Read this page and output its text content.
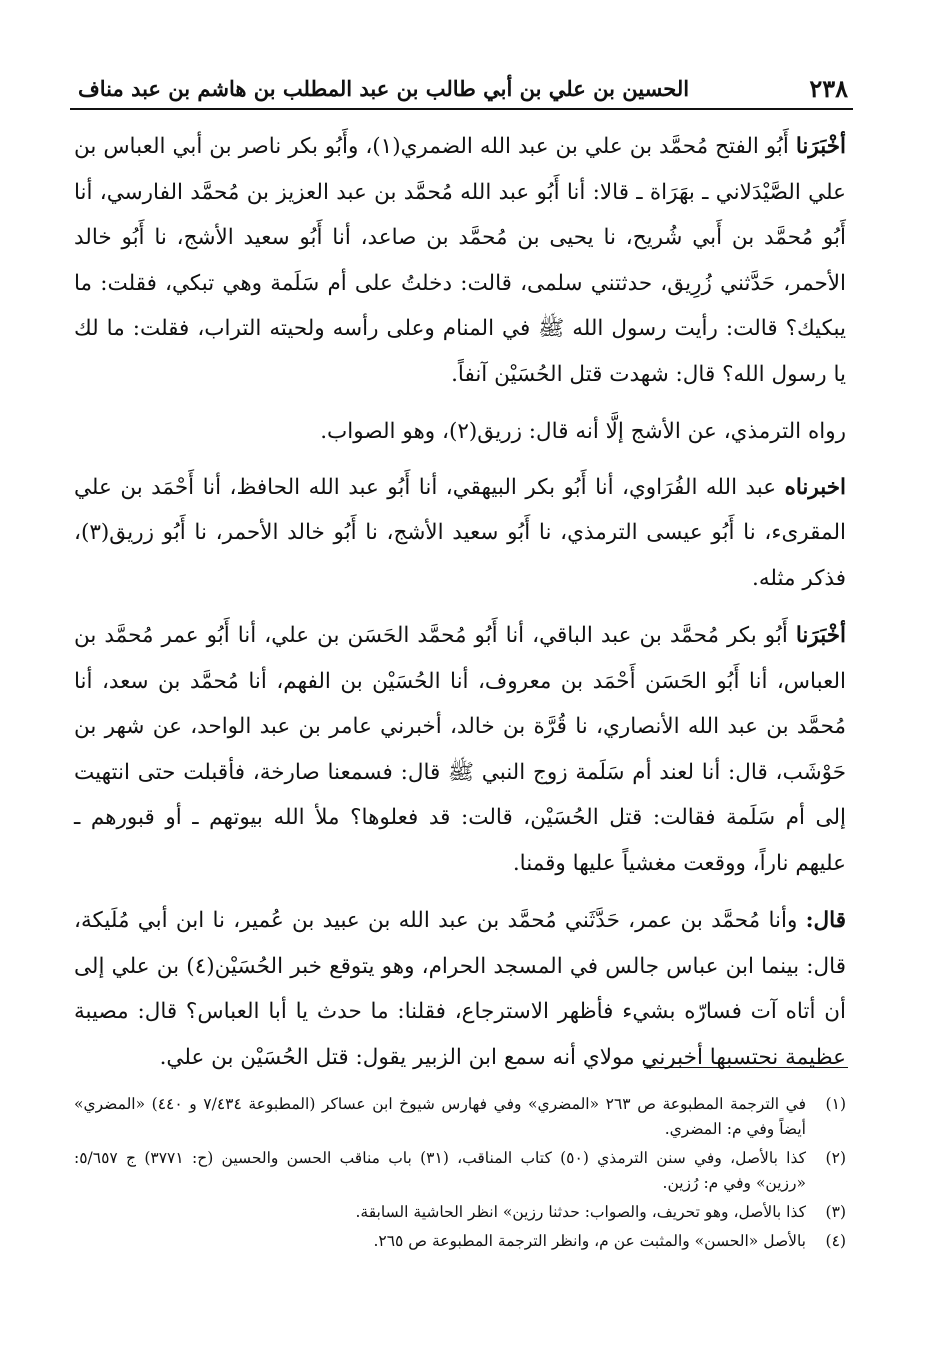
٢٣٨
الحسين بن علي بن أبي طالب بن عبد المطلب بن هاشم بن عبد مناف

أخْبَرَنا أَبُو الفتح مُحمَّد بن علي بن عبد الله الضمري(١)، وأَبُو بكر ناصر بن أبي العباس بن علي الصَّيْدَلاني ـ بهَرَاة ـ قالا: أنا أَبُو عبد الله مُحمَّد بن عبد العزيز بن مُحمَّد الفارسي، أنا أَبُو مُحمَّد بن أَبي شُريح، نا يحيى بن مُحمَّد بن صاعد، أنا أَبُو سعيد الأشج، نا أَبُو خالد الأحمر، حَدَّثني زُرِيق، حدثتني سلمى، قالت: دخلتُ على أم سَلَمة وهي تبكي، فقلت: ما يبكيك؟ قالت: رأيت رسول الله ﷺ في المنام وعلى رأسه ولحيته التراب، فقلت: ما لك يا رسول الله؟ قال: شهدت قتل الحُسَيْن آنفاً.

رواه الترمذي، عن الأشج إلَّا أنه قال: زريق(٢)، وهو الصواب.

اخبرناه عبد الله الفُرَاوي، أنا أَبُو بكر البيهقي، أنا أَبُو عبد الله الحافظ، أنا أَحْمَد بن علي المقرىء، نا أَبُو عيسى الترمذي، نا أَبُو سعيد الأشج، نا أَبُو خالد الأحمر، نا أَبُو زريق(٣)، فذكر مثله.

أخْبَرَنا أَبُو بكر مُحمَّد بن عبد الباقي، أنا أَبُو مُحمَّد الحَسَن بن علي، أنا أَبُو عمر مُحمَّد بن العباس، أنا أَبُو الحَسَن أَحْمَد بن معروف، أنا الحُسَيْن بن الفهم، أنا مُحمَّد بن سعد، أنا مُحمَّد بن عبد الله الأنصاري، نا قُرَّة بن خالد، أخبرني عامر بن عبد الواحد، عن شهر بن حَوْشَب، قال: أنا لعند أم سَلَمة زوج النبي ﷺ قال: فسمعنا صارخة، فأقبلت حتى انتهيت إلى أم سَلَمة فقالت: قتل الحُسَيْن، قالت: قد فعلوها؟ ملأ الله بيوتهم ـ أو قبورهم ـ عليهم ناراً، ووقعت مغشياً عليها وقمنا.

قال: وأنا مُحمَّد بن عمر، حَدَّثَني مُحمَّد بن عبد الله بن عبيد بن عُمير، نا ابن أبي مُلَيكة، قال: بينما ابن عباس جالس في المسجد الحرام، وهو يتوقع خبر الحُسَيْن(٤) بن علي إلى أن أتاه آت فسارّه بشيء فأظهر الاسترجاع، فقلنا: ما حدث يا أبا العباس؟ قال: مصيبة عظيمة نحتسبها أخبرني مولاي أنه سمع ابن الزبير يقول: قتل الحُسَيْن بن علي.

(١)
في الترجمة المطبوعة ص ٢٦٣ «المضري» وفي فهارس شيوخ ابن عساكر (المطبوعة ٧/٤٣٤ و ٤٤٠) «المضري» أيضاً وفي م: المضري.
(٢)
كذا بالأصل، وفي سنن الترمذي (٥٠) كتاب المناقب، (٣١) باب مناقب الحسن والحسين (ح: ٣٧٧١) ج ٥/٦٥٧: «رزين» وفي م: رُزين.
(٣)
كذا بالأصل، وهو تحريف، والصواب: حدثنا رزين» انظر الحاشية السابقة.
(٤)
بالأصل «الحسن» والمثبت عن م، وانظر الترجمة المطبوعة ص ٢٦٥.
